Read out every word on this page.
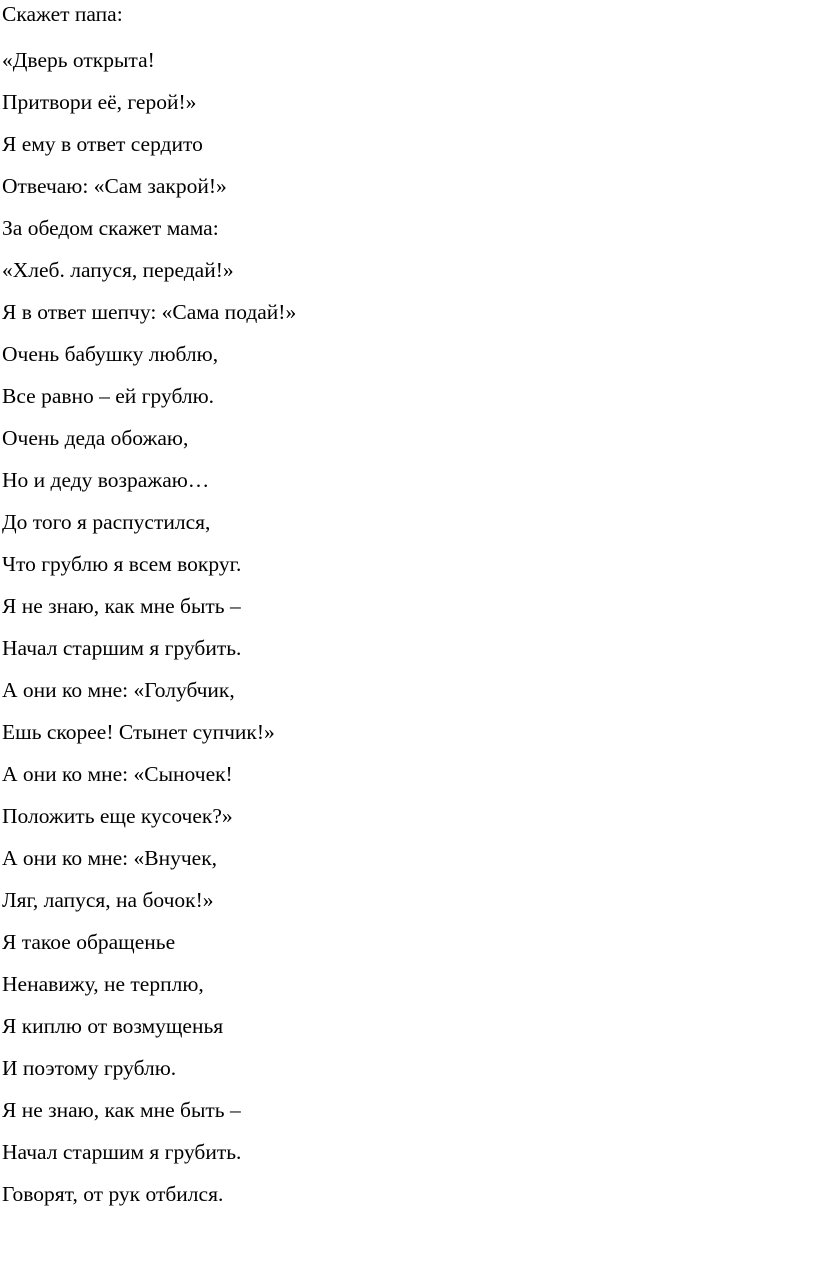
Скажет папа:

«Дверь открыта!

Притвори её, герой!»

Я ему в ответ сердито

Отвечаю: «Сам закрой!»

За обедом скажет мама:

«Хлеб. лапуся, передай!»

Я в ответ шепчу: «Сама подай!»

Очень бабушку люблю,

Все равно – ей грублю.

Очень деда обожаю,

Но и деду возражаю…

До того я распустился,

Что грублю я всем вокруг.

Я не знаю, как мне быть –

Начал старшим я грубить.

А они ко мне: «Голубчик,

Ешь скорее! Стынет супчик!»

А они ко мне: «Сыночек!

Положить еще кусочек?»

А они ко мне: «Внучек,

Ляг, лапуся, на бочок!»

Я такое обращенье

Ненавижу, не терплю,

Я киплю от возмущенья

И поэтому грублю.

Я не знаю, как мне быть –

Начал старшим я грубить.

Говорят, от рук отбился.
